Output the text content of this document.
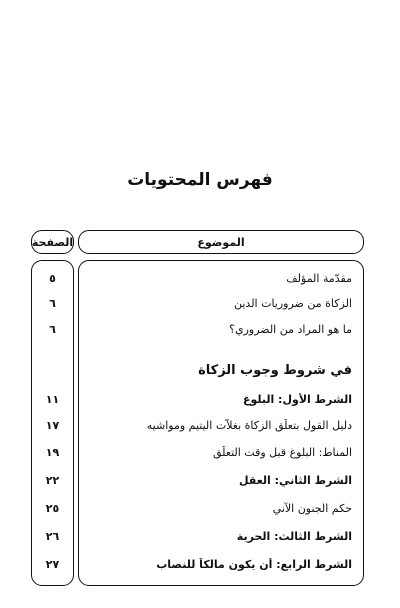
فهرس المحتويات
الموضوع
الصفحة
مقدّمة المؤلف
٥
الزكاة من ضروريات الدين
٦
ما هو المراد من الضروري؟
٦
في شروط وجوب الزكاة
الشرط الأول: البلوغ
١١
دليل القول بتعلّق الزكاة بغلاّت اليتيم ومواشيه
١٧
المناط: البلوغ قبل وقت التعلّق
١٩
الشرط الثاني: العقل
٢٢
حكم الجنون الآني
٢٥
الشرط الثالث: الحرية
٢٦
الشرط الرابع: أن يكون مالكاً للنصاب
٢٧
